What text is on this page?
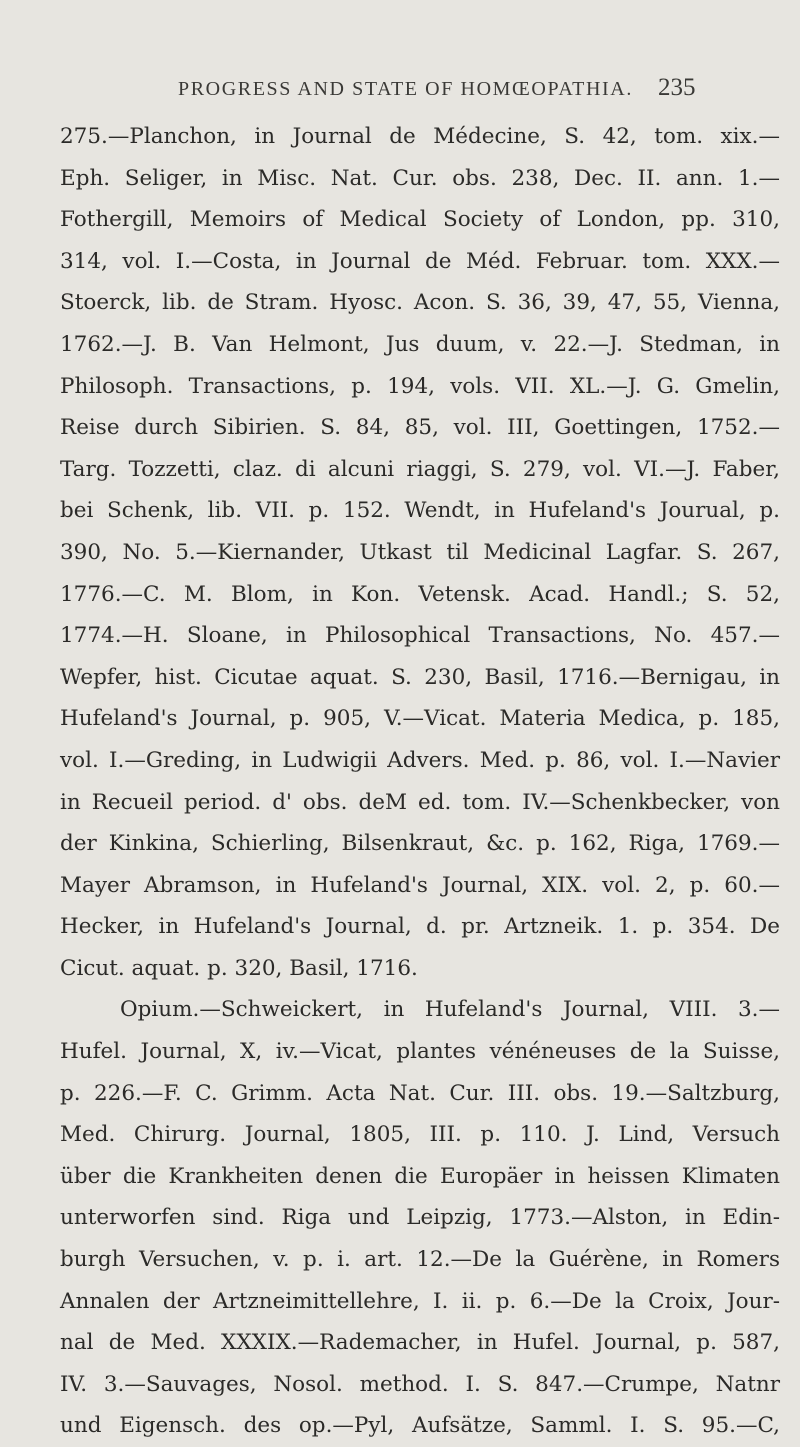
PROGRESS AND STATE OF HOMŒOPATHIA.	235
275.—Planchon, in Journal de Médecine, S. 42, tom. xix.—
Eph. Seliger, in Misc. Nat. Cur. obs. 238, Dec. II. ann. 1.—
Fothergill, Memoirs of Medical Society of London, pp. 310,
314, vol. I.—Costa, in Journal de Méd. Februar. tom. XXX.—
Stoerck, lib. de Stram. Hyosc. Acon. S. 36, 39, 47, 55, Vienna,
1762.—J. B. Van Helmont, Jus duum, v. 22.—J. Stedman, in
Philosoph. Transactions, p. 194, vols. VII. XL.—J. G. Gmelin,
Reise durch Sibirien. S. 84, 85, vol. III, Goettingen, 1752.—
Targ. Tozzetti, claz. di alcuni riaggi, S. 279, vol. VI.—J. Faber,
bei Schenk, lib. VII. p. 152. Wendt, in Hufeland's Jourual, p.
390, No. 5.—Kiernander, Utkast til Medicinal Lagfar. S. 267,
1776.—C. M. Blom, in Kon. Vetensk. Acad. Handl.; S. 52,
1774.—H. Sloane, in Philosophical Transactions, No. 457.—
Wepfer, hist. Cicutae aquat. S. 230, Basil, 1716.—Bernigau, in
Hufeland's Journal, p. 905, V.—Vicat. Materia Medica, p. 185,
vol. I.—Greding, in Ludwigii Advers. Med. p. 86, vol. I.—Navier
in Recueil period. d' obs. deM ed. tom. IV.—Schenkbecker, von
der Kinkina, Schierling, Bilsenkraut, &c. p. 162, Riga, 1769.—
Mayer Abramson, in Hufeland's Journal, XIX. vol. 2, p. 60.—
Hecker, in Hufeland's Journal, d. pr. Artzneik. 1. p. 354. De
Cicut. aquat. p. 320, Basil, 1716.
Opium.—Schweickert, in Hufeland's Journal, VIII. 3.—
Hufel. Journal, X, iv.—Vicat, plantes vénéneuses de la Suisse,
p. 226.—F. C. Grimm. Acta Nat. Cur. III. obs. 19.—Saltzburg,
Med. Chirurg. Journal, 1805, III. p. 110. J. Lind, Versuch
über die Krankheiten denen die Europäer in heissen Klimaten
unterworfen sind. Riga und Leipzig, 1773.—Alston, in Edin-
burgh Versuchen, v. p. i. art. 12.—De la Guérène, in Romers
Annalen der Artzneimittellehre, I. ii. p. 6.—De la Croix, Jour-
nal de Med. XXXIX.—Rademacher, in Hufel. Journal, p. 587,
IV. 3.—Sauvages, Nosol. method. I. S. 847.—Crumpe, Natnr
und Eigensch. des op.—Pyl, Aufsätze, Samml. I. S. 95.—C,
